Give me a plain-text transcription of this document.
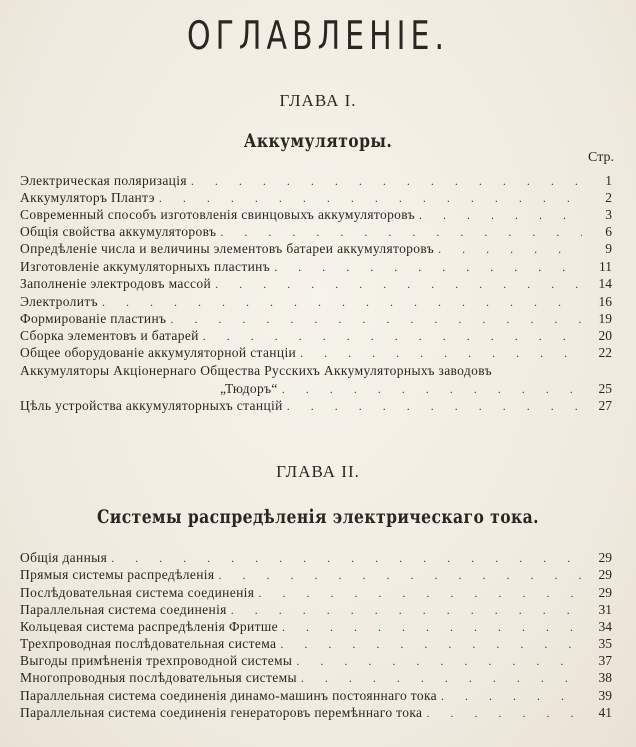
ОГЛАВЛЕНІЕ.
ГЛАВА I.
Аккумуляторы.
Стр.
Электрическая поляризація . . .	1
Аккумуляторъ Плантэ . . .	2
Современный способъ изготовленія свинцовыхъ аккумуляторовъ . . .	3
Общія свойства аккумуляторовъ . . .	6
Опредѣленіе числа и величины элементовъ батареи аккумуляторовъ . . .	9
Изготовленіе аккумуляторныхъ пластинъ . . .	11
Заполненіе электродовъ массой . . .	14
Электролитъ . . .	16
Формированіе пластинъ . . .	19
Сборка элементовъ и батарей . . .	20
Общее оборудованіе аккумуляторной станціи . . .	22
Аккумуляторы Акціонернаго Общества Русскихъ Аккумуляторныхъ заводовъ
„Тюдоръ“ . . .	25
Цѣль устройства аккумуляторныхъ станцій . . .	27
ГЛАВА II.
Системы распредѣленія электрическаго тока.
Общія данныя . . .	29
Прямыя системы распредѣленія . . .	29
Послѣдовательная система соединенія . . .	29
Параллельная система соединенія . . .	31
Кольцевая система распредѣленія Фритше . . .	34
Трехпроводная послѣдовательная система . . .	35
Выгоды примѣненія трехпроводной системы . . .	37
Многопроводныя послѣдовательныя системы . . .	38
Параллельная система соединенія динамо-машинъ постояннаго тока . . .	39
Параллельная система соединенія генераторовъ перемѣннаго тока . . .	41
